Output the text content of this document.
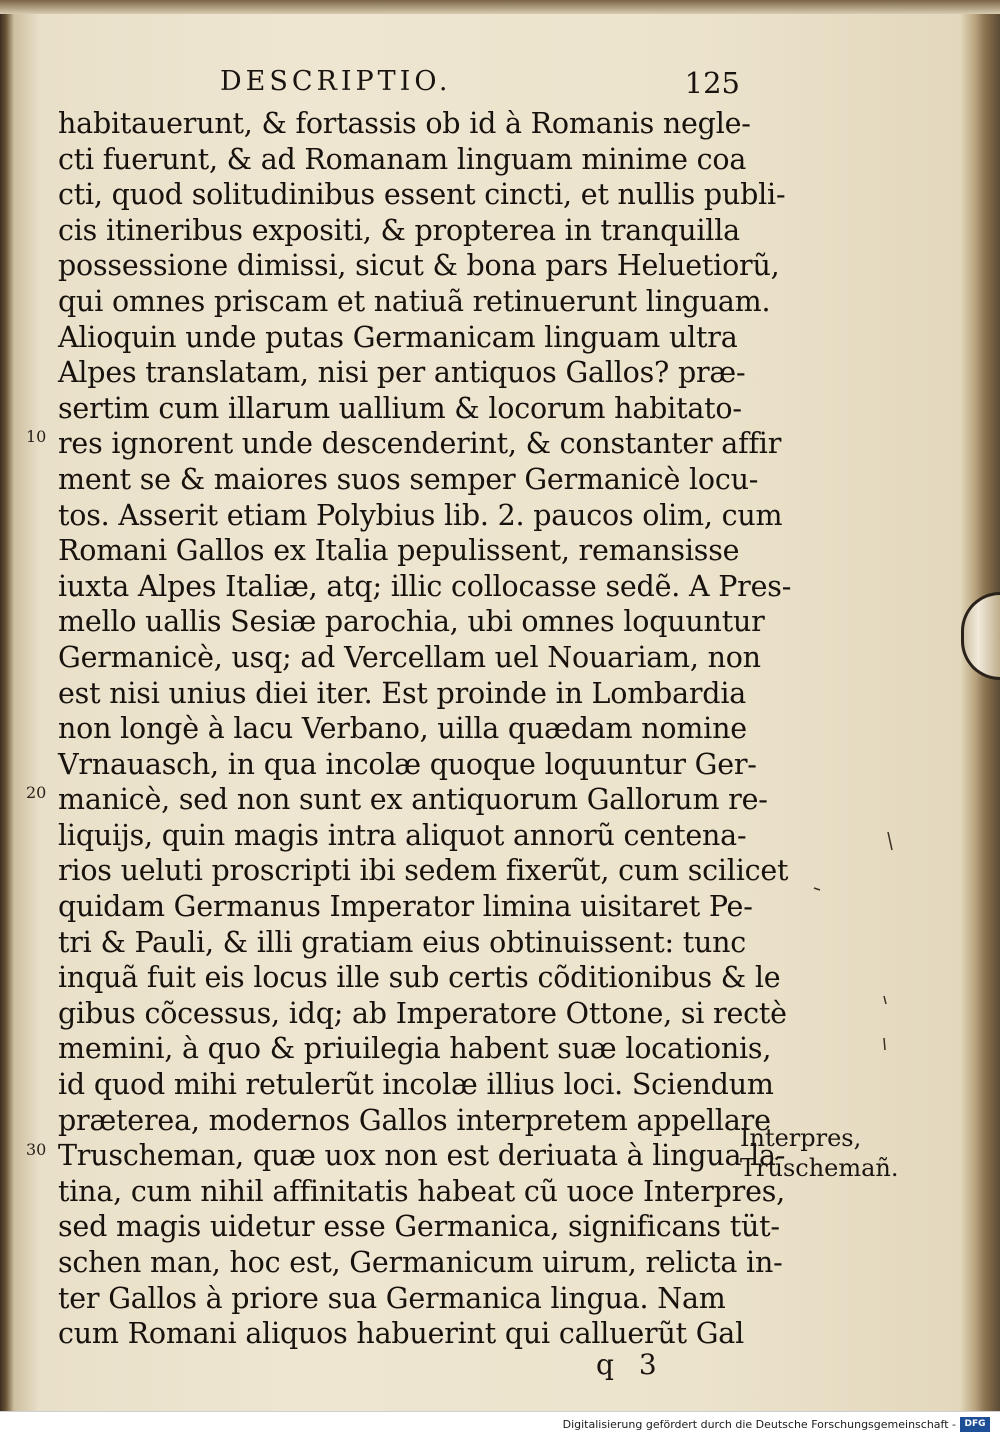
DESCRIPTIO.	125
10
20
30
habitauerunt, & fortassis ob id à Romanis negle-
cti fuerunt, & ad Romanam linguam minime coa
cti, quod solitudinibus essent cincti, et nullis publi-
cis itineribus expositi, & propterea in tranquilla
possessione dimissi, sicut & bona pars Heluetiorũ,
qui omnes priscam et natiuã retinuerunt linguam.
Alioquin unde putas Germanicam linguam ultra
Alpes translatam, nisi per antiquos Gallos? præ-
sertim cum illarum uallium & locorum habitato-
res ignorent unde descenderint, & constanter affir
ment se & maiores suos semper Germanicè locu-
tos. Asserit etiam Polybius lib. 2. paucos olim, cum
Romani Gallos ex Italia pepulissent, remansisse
iuxta Alpes Italiæ, atq; illic collocasse sedẽ. A Pres-
mello uallis Sesiæ parochia, ubi omnes loquuntur
Germanicè, usq; ad Vercellam uel Nouariam, non
est nisi unius diei iter. Est proinde in Lombardia
non longè à lacu Verbano, uilla quædam nomine
Vrnauasch, in qua incolæ quoque loquuntur Ger-
manicè, sed non sunt ex antiquorum Gallorum re-
liquijs, quin magis intra aliquot annorũ centena-
rios ueluti proscripti ibi sedem fixerũt, cum scilicet
quidam Germanus Imperator limina uisitaret Pe-
tri & Pauli, & illi gratiam eius obtinuissent: tunc
inquã fuit eis locus ille sub certis cõditionibus & le
gibus cõcessus, idq; ab Imperatore Ottone, si rectè
memini, à quo & priuilegia habent suæ locationis,
id quod mihi retulerũt incolæ illius loci. Sciendum
præterea, modernos Gallos interpretem appellare
Truscheman, quæ uox non est deriuata à lingua la-
tina, cum nihil affinitatis habeat cũ uoce Interpres,
sed magis uidetur esse Germanica, significans tüt-
schen man, hoc est, Germanicum uirum, relicta in-
ter Gallos à priore sua Germanica lingua. Nam
cum Romani aliquos habuerint qui calluerũt Gal
Interpres,
Trüschemañ.
q 3
Digitalisierung gefördert durch die Deutsche Forschungsgemeinschaft - DFG
